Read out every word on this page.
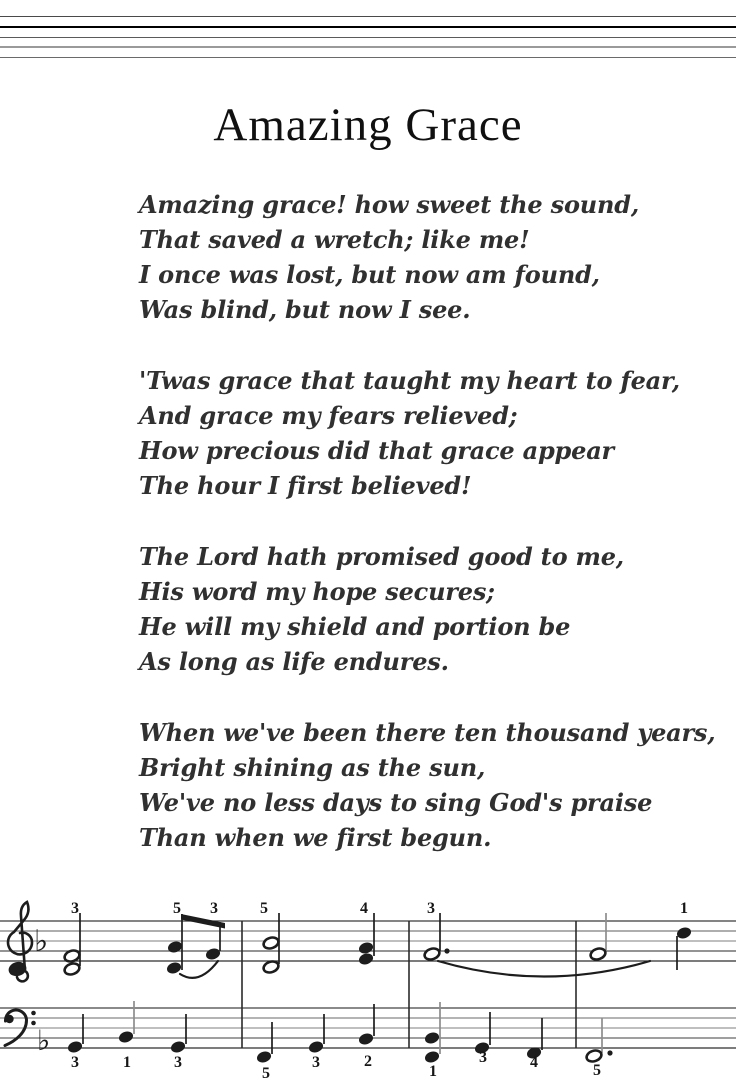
Amazing Grace

Amazing grace! how sweet the sound,

That saved a wretch; like me!

I once was lost, but now am found,

Was blind, but now I see.

'Twas grace that taught my heart to fear,

And grace my fears relieved;

How precious did that grace appear

The hour I first believed!

The Lord hath promised good to me,

His word my hope secures;

He will my shield and portion be

As long as life endures.

When we've been there ten thousand years,

Bright shining as the sun,

We've no less days to sing God's praise

Than when we first begun.

♭
♭
3	5 3	5	4	3	1
3	1	3
5
3	2
1
3	4	5
